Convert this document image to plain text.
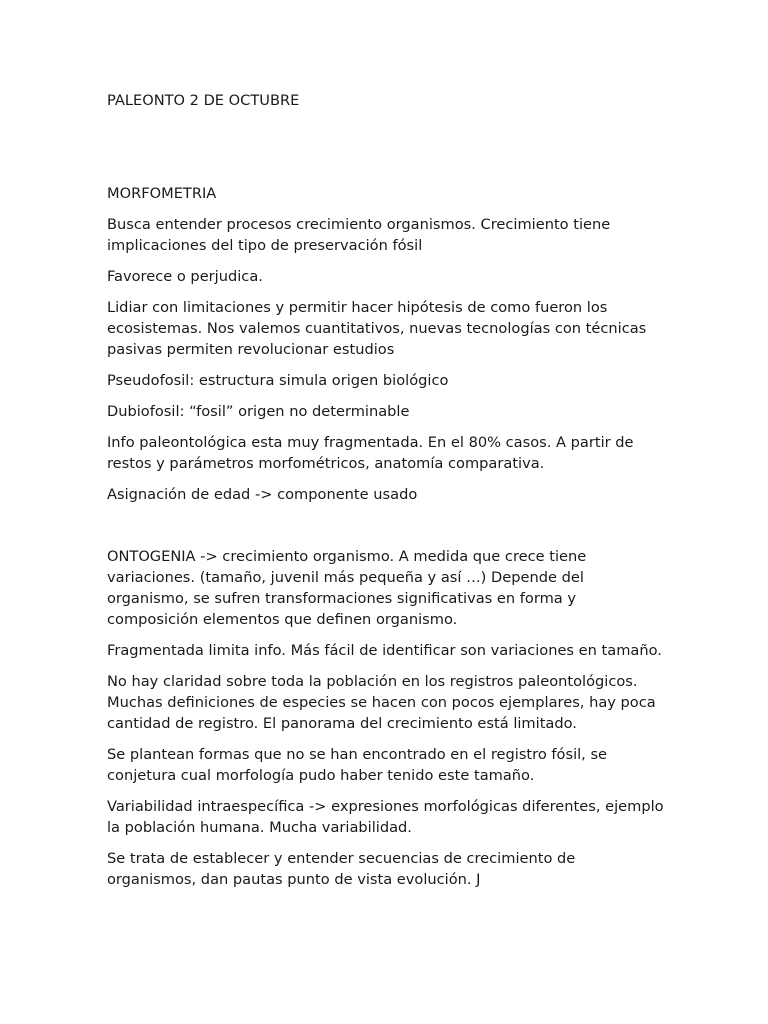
PALEONTO 2 DE OCTUBRE

MORFOMETRIA

Busca entender procesos crecimiento organismos. Crecimiento tiene implicaciones del tipo de preservación fósil

Favorece o perjudica.

Lidiar con limitaciones y permitir hacer hipótesis de como fueron los ecosistemas. Nos valemos cuantitativos, nuevas tecnologías con técnicas pasivas permiten revolucionar estudios

Pseudofosil: estructura simula origen biológico

Dubiofosil: “fosil” origen no determinable

Info paleontológica esta muy fragmentada. En el 80% casos. A partir de restos y parámetros morfométricos, anatomía comparativa.

Asignación de edad -> componente usado

ONTOGENIA -> crecimiento organismo. A medida que crece tiene variaciones. (tamaño, juvenil más pequeña y así …) Depende del organismo, se sufren transformaciones significativas en forma y composición elementos que definen organismo.

Fragmentada limita info. Más fácil de identificar son variaciones en tamaño.

No hay claridad sobre toda la población en los registros paleontológicos. Muchas definiciones de especies se hacen con pocos ejemplares, hay poca cantidad de registro. El panorama del crecimiento está limitado.

Se plantean formas que no se han encontrado en el registro fósil, se conjetura cual morfología pudo haber tenido este tamaño.

Variabilidad intraespecífica -> expresiones morfológicas diferentes, ejemplo la población humana. Mucha variabilidad.

Se trata de establecer y entender secuencias de crecimiento de organismos, dan pautas punto de vista evolución. J
